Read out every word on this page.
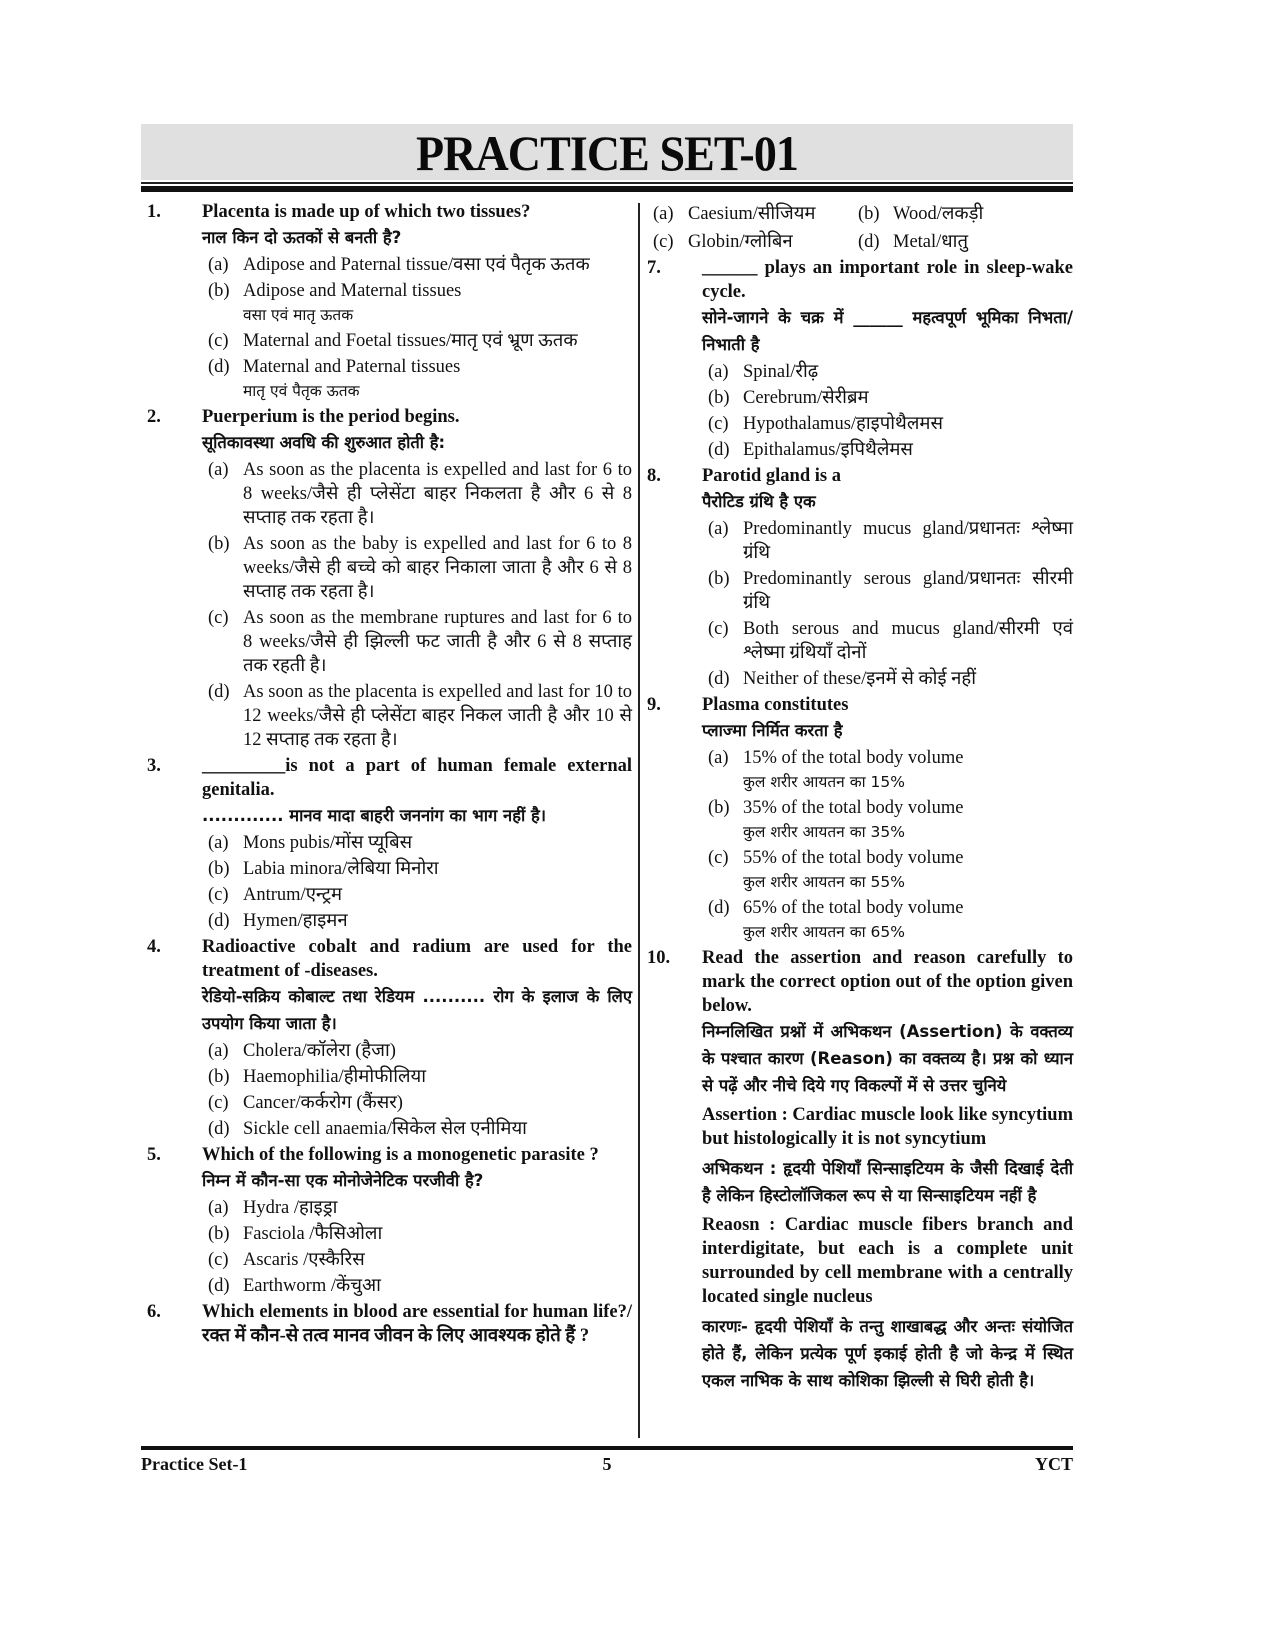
PRACTICE SET-01
1. Placenta is made up of which two tissues?
नाल किन दो ऊतकों से बनती है?
(a) Adipose and Paternal tissue/वसा एवं पैतृक ऊतक
(b) Adipose and Maternal tissues
वसा एवं मातृ ऊतक
(c) Maternal and Foetal tissues/मातृ एवं भ्रूण ऊतक
(d) Maternal and Paternal tissues
मातृ एवं पैतृक ऊतक
2. Puerperium is the period begins.
सूतिकावस्था अवधि की शुरुआत होती है:
(a) As soon as the placenta is expelled and last for 6 to 8 weeks/जैसे ही प्लेसेंटा बाहर निकलता है और 6 से 8 सप्ताह तक रहता है।
(b) As soon as the baby is expelled and last for 6 to 8 weeks/जैसे ही बच्चे को बाहर निकाला जाता है और 6 से 8 सप्ताह तक रहता है।
(c) As soon as the membrane ruptures and last for 6 to 8 weeks/जैसे ही झिल्ली फट जाती है और 6 से 8 सप्ताह तक रहती है।
(d) As soon as the placenta is expelled and last for 10 to 12 weeks/जैसे ही प्लेसेंटा बाहर निकल जाती है और 10 से 12 सप्ताह तक रहता है।
3. _________is not a part of human female external genitalia.
............. मानव मादा बाहरी जननांग का भाग नहीं है।
(a) Mons pubis/मोंस प्यूबिस
(b) Labia minora/लेबिया मिनोरा
(c) Antrum/एन्ट्रम
(d) Hymen/हाइमन
4. Radioactive cobalt and radium are used for the treatment of -diseases.
रेडियो-सक्रिय कोबाल्ट तथा रेडियम .......... रोग के इलाज के लिए उपयोग किया जाता है।
(a) Cholera/कॉलेरा (हैजा)
(b) Haemophilia/हीमोफीलिया
(c) Cancer/कर्करोग (कैंसर)
(d) Sickle cell anaemia/सिकेल सेल एनीमिया
5. Which of the following is a monogenetic parasite ?
निम्न में कौन-सा एक मोनोजेनेटिक परजीवी है?
(a) Hydra /हाइड्रा
(b) Fasciola /फैसिओला
(c) Ascaris /एस्कैरिस
(d) Earthworm /केंचुआ
6. Which elements in blood are essential for human life?/रक्त में कौन-से तत्व मानव जीवन के लिए आवश्यक होते हैं ?
(a) Caesium/सीजियम	(b) Wood/लकड़ी
(c) Globin/ग्लोबिन	(d) Metal/धातु
7. ______ plays an important role in sleep-wake cycle.
सोने-जागने के चक्र में ______ महत्वपूर्ण भूमिका निभता/निभाती है
(a) Spinal/रीढ़
(b) Cerebrum/सेरीब्रम
(c) Hypothalamus/हाइपोथैलमस
(d) Epithalamus/इपिथैलेमस
8. Parotid gland is a
पैरोटिड ग्रंथि है एक
(a) Predominantly mucus gland/प्रधानतः श्लेष्मा ग्रंथि
(b) Predominantly serous gland/प्रधानतः सीरमी ग्रंथि
(c) Both serous and mucus gland/सीरमी एवं श्लेष्मा ग्रंथियाँ दोनों
(d) Neither of these/इनमें से कोई नहीं
9. Plasma constitutes
प्लाज्मा निर्मित करता है
(a) 15% of the total body volume
कुल शरीर आयतन का 15%
(b) 35% of the total body volume
कुल शरीर आयतन का 35%
(c) 55% of the total body volume
कुल शरीर आयतन का 55%
(d) 65% of the total body volume
कुल शरीर आयतन का 65%
10. Read the assertion and reason carefully to mark the correct option out of the option given below.
निम्नलिखित प्रश्नों में अभिकथन (Assertion) के वक्तव्य के पश्चात कारण (Reason) का वक्तव्य है। प्रश्न को ध्यान से पढ़ें और नीचे दिये गए विकल्पों में से उत्तर चुनिये
Assertion : Cardiac muscle look like syncytium but histologically it is not syncytium
अभिकथन : हृदयी पेशियाँ सिन्साइटियम के जैसी दिखाई देती है लेकिन हिस्टोलॉजिकल रूप से या सिन्साइटियम नहीं है
Reaosn : Cardiac muscle fibers branch and interdigitate, but each is a complete unit surrounded by cell membrane with a centrally located single nucleus
कारणः- हृदयी पेशियाँ के तन्तु शाखाबद्ध और अन्तः संयोजित होते हैं, लेकिन प्रत्येक पूर्ण इकाई होती है जो केन्द्र में स्थित एकल नाभिक के साथ कोशिका झिल्ली से घिरी होती है।
Practice Set-1	5	YCT
